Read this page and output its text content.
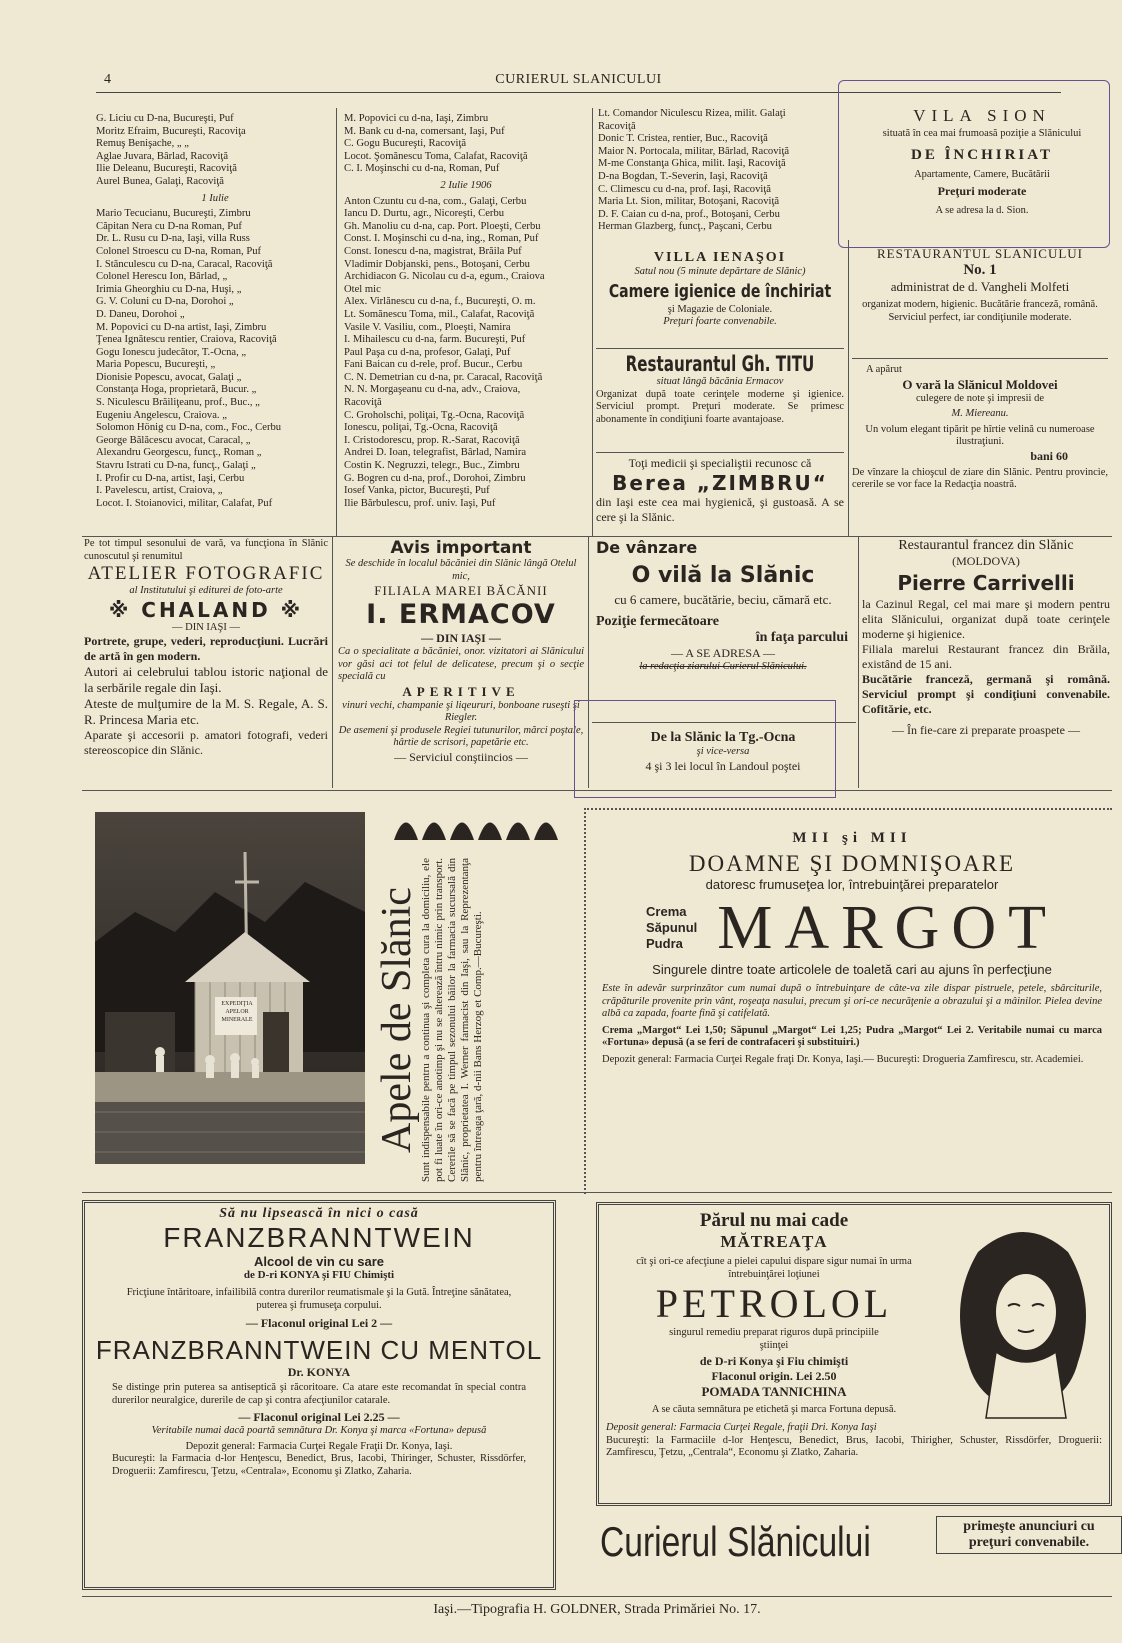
4	CURIERUL SLANICULUI
G. Liciu cu D-na, Bucureşti, Puf
Moritz Efraim, Bucureşti, Racoviţa
Remuş Benişache, „ „
Aglae Juvara, Bârlad, Racoviţă
Ilie Deleanu, Bucureşti, Racoviţă
Aurel Bunea, Galaţi, Racoviţă
1 Iulie
Mario Tecucianu, Bucureşti, Zimbru
Căpitan Nera cu D-na Roman, Puf
Dr. L. Rusu cu D-na, Iaşi, villa Russ
Colonel Stroescu cu D-na, Roman, Puf
I. Stănculescu cu D-na, Caracal, Racoviţă
Colonel Herescu Ion, Bârlad, „
Irimia Gheorghiu cu D-na, Huşi, „
G. V. Coluni cu D-na, Dorohoi „
D. Daneu, Dorohoi „
M. Popovici cu D-na artist, Iaşi, Zimbru
Ţenea Ignătescu rentier, Craiova, Racoviţă
Gogu Ionescu judecător, T.-Ocna, „
Maria Popescu, Bucureşti, „
Dionisie Popescu, avocat, Galaţi „
Constanţa Hoga, proprietară, Bucur. „
S. Niculescu Brăiliţeanu, prof., Buc., „
Eugeniu Angelescu, Craiova. „
Solomon Hönig cu D-na, com., Foc., Cerbu
George Bălăcescu avocat, Caracal, „
Alexandru Georgescu, funcţ., Roman „
Stavru Istrati cu D-na, funcţ., Galaţi „
I. Profir cu D-na, artist, Iaşi, Cerbu
I. Pavelescu, artist, Craiova, „
Locot. I. Stoianovici, militar, Calafat, Puf
M. Popovici cu d-na, Iaşi, Zimbru
M. Bank cu d-na, comersant, Iaşi, Puf
C. Gogu Bucureşti, Racoviţă
Locot. Şomănescu Toma, Calafat, Racoviţă
C. I. Moşinschi cu d-na, Roman, Puf
2 Iulie 1906
Anton Czuntu cu d-na, com., Galaţi, Cerbu
Iancu D. Durtu, agr., Nicoreşti, Cerbu
Gh. Manoliu cu d-na, cap. Port. Ploeşti, Cerbu
Const. I. Moşinschi cu d-na, ing., Roman, Puf
Const. Ionescu d-na, magistrat, Brăila Puf
Vladimir Dobjanski, pens., Botoşani, Cerbu
Archidiacon G. Nicolau cu d-a, egum., Craiova
Otel mic
Alex. Virlănescu cu d-na, f., Bucureşti, O. m.
Lt. Somănescu Toma, mil., Calafat, Racoviţă
Vasile V. Vasiliu, com., Ploeşti, Namira
I. Mihailescu cu d-na, farm. Bucureşti, Puf
Paul Paşa cu d-na, profesor, Galaţi, Puf
Fani Baican cu d-rele, prof. Bucur., Cerbu
C. N. Demetrian cu d-na, pr. Caracal, Racoviţă
N. N. Morgaşeanu cu d-na, adv., Craiova,
Racoviţă
C. Groholschi, poliţai, Tg.-Ocna, Racoviţă
Ionescu, poliţai, Tg.-Ocna, Racoviţă
I. Cristodorescu, prop. R.-Sarat, Racoviţă
Andrei D. Ioan, telegrafist, Bârlad, Namira
Costin K. Negruzzi, telegr., Buc., Zimbru
G. Bogren cu d-na, prof., Dorohoi, Zimbru
Iosef Vanka, pictor, Bucureşti, Puf
Ilie Bărbulescu, prof. univ. Iaşi, Puf
Lt. Comandor Niculescu Rizea, milit. Galaţi
Racoviţă
Donic T. Cristea, rentier, Buc., Racoviţă
Maior N. Portocala, militar, Bârlad, Racoviţă
M-me Constanţa Ghica, milit. Iaşi, Racoviţă
D-na Bogdan, T.-Severin, Iaşi, Racoviţă
C. Climescu cu d-na, prof. Iaşi, Racoviţă
Maria Lt. Sion, militar, Botoşani, Racoviţă
D. F. Caian cu d-na, prof., Botoşani, Cerbu
Herman Glazberg, funcţ., Paşcani, Cerbu
VILA SION
situată în cea mai frumoasă poziţie a Slănicului
DE ÎNCHIRIAT
Apartamente, Camere, Bucătării
Preţuri moderate
A se adresa la d. Sion.
VILLA IENAŞOI
Satul nou (5 minute depărtare de Slănic)
Camere igienice de închiriat
şi Magazie de Coloniale.
Preţuri foarte convenabile.
Restaurantul Gh. TITU
situat lângă băcănia Ermacov
Organizat după toate cerinţele moderne şi igienice. Serviciul prompt. Preţuri moderate. Se primesc abonamente în condiţiuni foarte avantajoase.
Toţi medicii şi specialiştii recunosc că
Berea „ZIMBRU“
din Iaşi este cea mai hygienică, şi gustoasă. A se cere şi la Slănic.
RESTAURANTUL SLANICULUI
No. 1
administrat de d. Vangheli Molfeti
organizat modern, higienic. Bucătărie franceză, română. Serviciul perfect, iar condiţiunile moderate.
A apărut
O vară la Slănicul Moldovei
culegere de note şi impresii de
M. Miereanu.
Un volum elegant tipărit pe hîrtie velină cu numeroase ilustraţiuni.
bani 60
De vînzare la chioşcul de ziare din Slănic. Pentru provincie, cererile se vor face la Redacţia noastră.
Pe tot timpul sesonului de vară, va funcţiona în Slănic cunoscutul şi renumitul
ATELIER FOTOGRAFIC
al Institutului şi editurei de foto-arte
※ CHALAND ※
— DIN IAŞI —
Portrete, grupe, vederi, reproducţiuni. Lucrări de artă în gen modern.
Autori ai celebrului tablou istoric naţional de la serbările regale din Iaşi.
Ateste de mulţumire de la M. S. Regale, A. S. R. Princesa Maria etc.
Aparate şi accesorii p. amatori fotografi, vederi stereoscopice din Slănic.
Avis important
Se deschide în localul băcăniei din Slănic lângă Otelul mic,
FILIALA MAREI BĂCĂNII
I. ERMACOV
— DIN IAŞI —
Ca o specialitate a băcăniei, onor. vizitatori ai Slănicului vor găsi aci tot felul de delicatese, precum şi o secţie specială cu
APERITIVE
vinuri vechi, champanie şi liqeururi, bonboane ruseşti şi Riegler.
De asemeni şi produsele Regiei tutunurilor, mărci poştale, hârtie de scrisori, papetărie etc.
— Serviciul conştiincios —
De vânzare
O vilă la Slănic
cu 6 camere, bucătărie, beciu, cămară etc.
Poziţie fermecătoare
în faţa parcului
— A SE ADRESA —
la redacţia ziarului Curierul Slănicului.
De la Slănic la Tg.-Ocna
şi vice-versa
4 şi 3 lei locul în Landoul poştei
Restaurantul francez din Slănic
(MOLDOVA)
Pierre Carrivelli
la Cazinul Regal, cel mai mare şi modern pentru elita Slănicului, organizat după toate cerinţele moderne şi higienice.
Filiala marelui Restaurant francez din Brăila, existând de 15 ani.
Bucătărie franceză, germană şi română. Serviciul prompt şi condiţiuni convenabile. Cofitărie, etc.
— În fie-care zi preparate proaspete —
EXPEDIŢIA APELOR MINERALE	Apele de Slănic Sunt indispensabile pentru a continua şi completa cura la domiciliu, ele pot fi luate în ori-ce anotimp şi nu se alterează întru nimic prin transport. Cererile să se facă pe timpul sezonului băilor la farmacia sucursală din Slănic, proprietatea I. Werner farmacist din Iaşi, sau la Reprezentanţa pentru întreaga ţară, d-nii Bans Herzog et Comp.—Bucureşti.
MII şi MII
DOAMNE ŞI DOMNIŞOARE
datoresc frumuseţea lor, întrebuinţărei preparatelor
Crema
Săpunul
Pudra MARGOT
Singurele dintre toate articolele de toaletă cari au ajuns în perfecţiune
Este în adevăr surprinzător cum numai după o întrebuinţare de câte-va zile dispar pistruele, petele, sbârciturile, crăpăturile provenite prin vânt, roşeaţa nasului, precum şi ori-ce necurăţenie a obrazului şi a mâinilor. Pielea devine albă ca zapada, foarte fină şi catifelată.
Crema „Margot“ Lei 1,50; Săpunul „Margot“ Lei 1,25; Pudra „Margot“ Lei 2. Veritabile numai cu marca «Fortuna» depusă (a se feri de contrafaceri şi substituiri.)
Depozit general: Farmacia Curţei Regale fraţi Dr. Konya, Iaşi.— Bucureşti: Drogueria Zamfirescu, str. Academiei.
Să nu lipsească în nici o casă
FRANZBRANNTWEIN
Alcool de vin cu sare
de D-ri KONYA şi FIU Chimişti
Fricţiune întăritoare, infailibilă contra durerilor reumatismale şi la Gută. Întreţine sănătatea, puterea şi frumuseţa corpului.
— Flaconul original Lei 2 —
FRANZBRANNTWEIN CU MENTOL
Dr. KONYA
Se distinge prin puterea sa antiseptică şi răcoritoare. Ca atare este recomandat în special contra durerilor neuralgice, durerile de cap şi contra afecţiunilor catarale.
— Flaconul original Lei 2.25 —
Veritabile numai dacă poartă semnătura Dr. Konya şi marca «Fortuna» depusă
Depozit general: Farmacia Curţei Regale Fraţii Dr. Konya, Iaşi.
Bucureşti: la Farmacia d-lor Henţescu, Benedict, Brus, Iacobi, Thiringer, Schuster, Rissdörfer, Droguerii: Zamfirescu, Ţetzu, «Centrala», Economu şi Zlatko, Zaharia.
Părul nu mai cade
MĂTREAŢA
cît şi ori-ce afecţiune a pielei capului dispare sigur numai în urma întrebuinţărei loţiunei
PETROLOL
singurul remediu preparat riguros după principiile ştiinţei
de D-ri Konya şi Fiu chimişti
Flaconul origin. Lei 2.50
POMADA TANNICHINA
A se căuta semnătura pe etichetă şi marca Fortuna depusă.
Deposit general: Farmacia Curţei Regale, fraţii Dri. Konya Iaşi
Bucureşti: la Farmaciile d-lor Henţescu, Benedict, Brus, Iacobi, Thirigher, Schuster, Rissdörfer, Droguerii: Zamfirescu, Ţetzu, „Centrala“, Economu şi Zlatko, Zaharia.
Curierul Slănicului	primeşte anunciuri cu preţuri convenabile.
Iaşi.—Tipografia H. GOLDNER, Strada Primăriei No. 17.
